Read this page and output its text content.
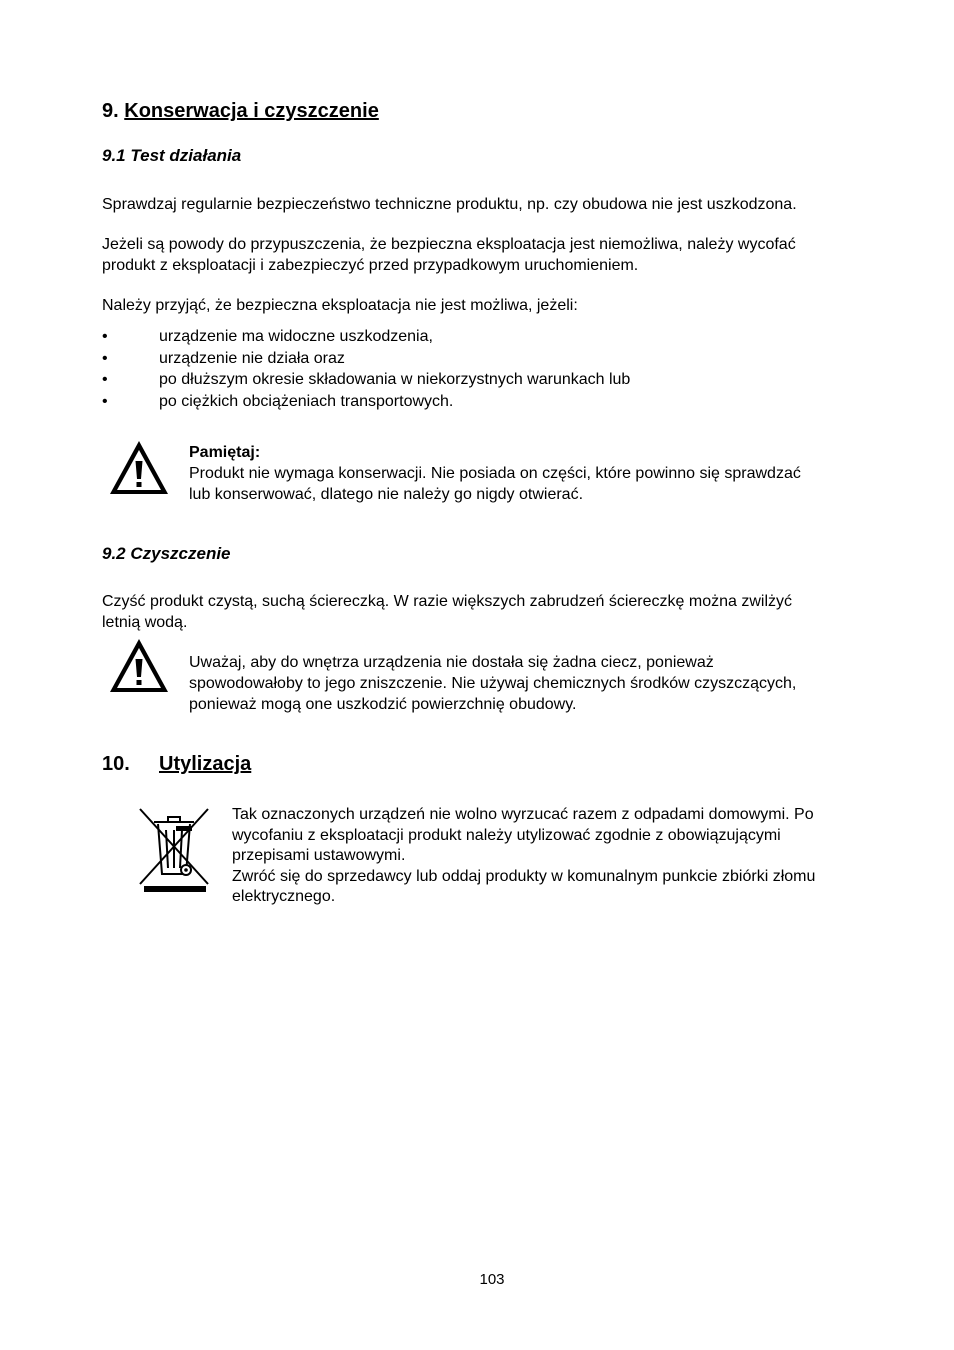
9. Konserwacja i czyszczenie
9.1 Test działania
Sprawdzaj regularnie bezpieczeństwo techniczne produktu, np. czy obudowa nie jest uszkodzona.
Jeżeli są powody do przypuszczenia, że bezpieczna eksploatacja jest niemożliwa, należy wycofać
produkt z eksploatacji i zabezpieczyć przed przypadkowym uruchomieniem.
Należy przyjąć, że bezpieczna eksploatacja nie jest możliwa, jeżeli:
•	urządzenie ma widoczne uszkodzenia,
•	urządzenie nie działa oraz
•	po dłuższym okresie składowania w niekorzystnych warunkach lub
•	po ciężkich obciążeniach transportowych.
Pamiętaj:
Produkt nie wymaga konserwacji. Nie posiada on części, które powinno się sprawdzać
lub konserwować, dlatego nie należy go nigdy otwierać.
9.2 Czyszczenie
Czyść produkt czystą, suchą ściereczką. W razie większych zabrudzeń ściereczkę można zwilżyć
letnią wodą.
Uważaj, aby do wnętrza urządzenia nie dostała się żadna ciecz, ponieważ
spowodowałoby to jego zniszczenie. Nie używaj chemicznych środków czyszczących,
ponieważ mogą one uszkodzić powierzchnię obudowy.
10. Utylizacja
Tak oznaczonych urządzeń nie wolno wyrzucać razem z odpadami domowymi. Po
wycofaniu z eksploatacji produkt należy utylizować zgodnie z obowiązującymi
przepisami ustawowymi.
Zwróć się do sprzedawcy lub oddaj produkty w komunalnym punkcie zbiórki złomu
elektrycznego.
103
